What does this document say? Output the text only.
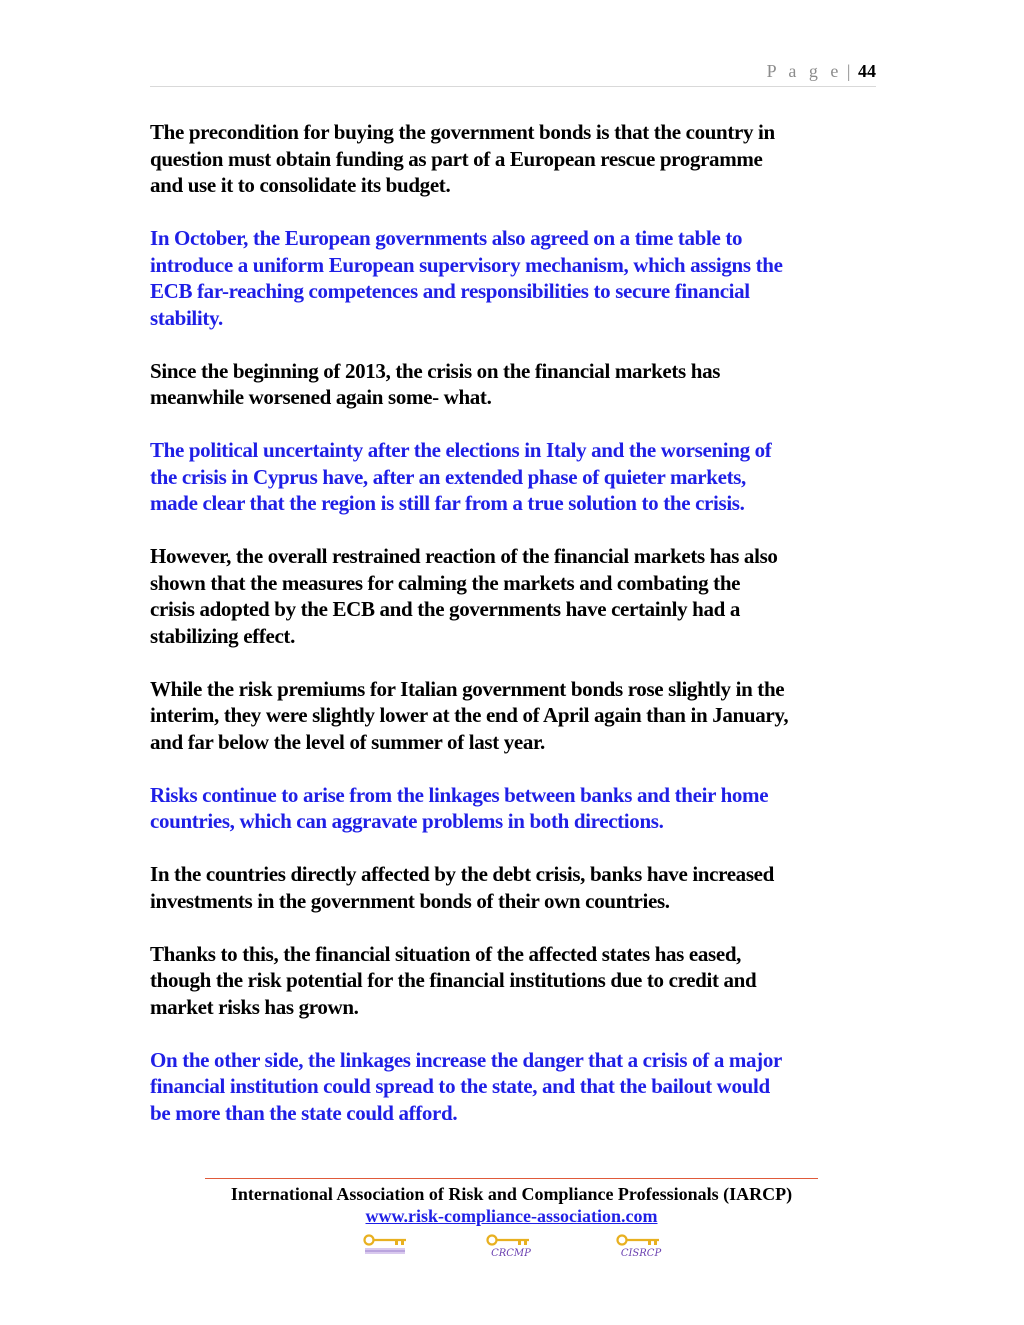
P a g e | 44

The precondition for buying the government bonds is that the country in
question must obtain funding as part of a European rescue programme
and use it to consolidate its budget.

In October, the European governments also agreed on a time table to
introduce a uniform European supervisory mechanism, which assigns the
ECB far-reaching competences and responsibilities to secure financial
stability.

Since the beginning of 2013, the crisis on the financial markets has
meanwhile worsened again some- what.

The political uncertainty after the elections in Italy and the worsening of
the crisis in Cyprus have, after an extended phase of quieter markets,
made clear that the region is still far from a true solution to the crisis.

However, the overall restrained reaction of the financial markets has also
shown that the measures for calming the markets and combating the
crisis adopted by the ECB and the governments have certainly had a
stabilizing effect.

While the risk premiums for Italian government bonds rose slightly in the
interim, they were slightly lower at the end of April again than in January,
and far below the level of summer of last year.

Risks continue to arise from the linkages between banks and their home
countries, which can aggravate problems in both directions.

In the countries directly affected by the debt crisis, banks have increased
investments in the government bonds of their own countries.

Thanks to this, the financial situation of the affected states has eased,
though the risk potential for the financial institutions due to credit and
market risks has grown.

On the other side, the linkages increase the danger that a crisis of a major
financial institution could spread to the state, and that the bailout would
be more than the state could afford.

International Association of Risk and Compliance Professionals (IARCP)
www.risk-compliance-association.com
CRCMP	CISRCP
